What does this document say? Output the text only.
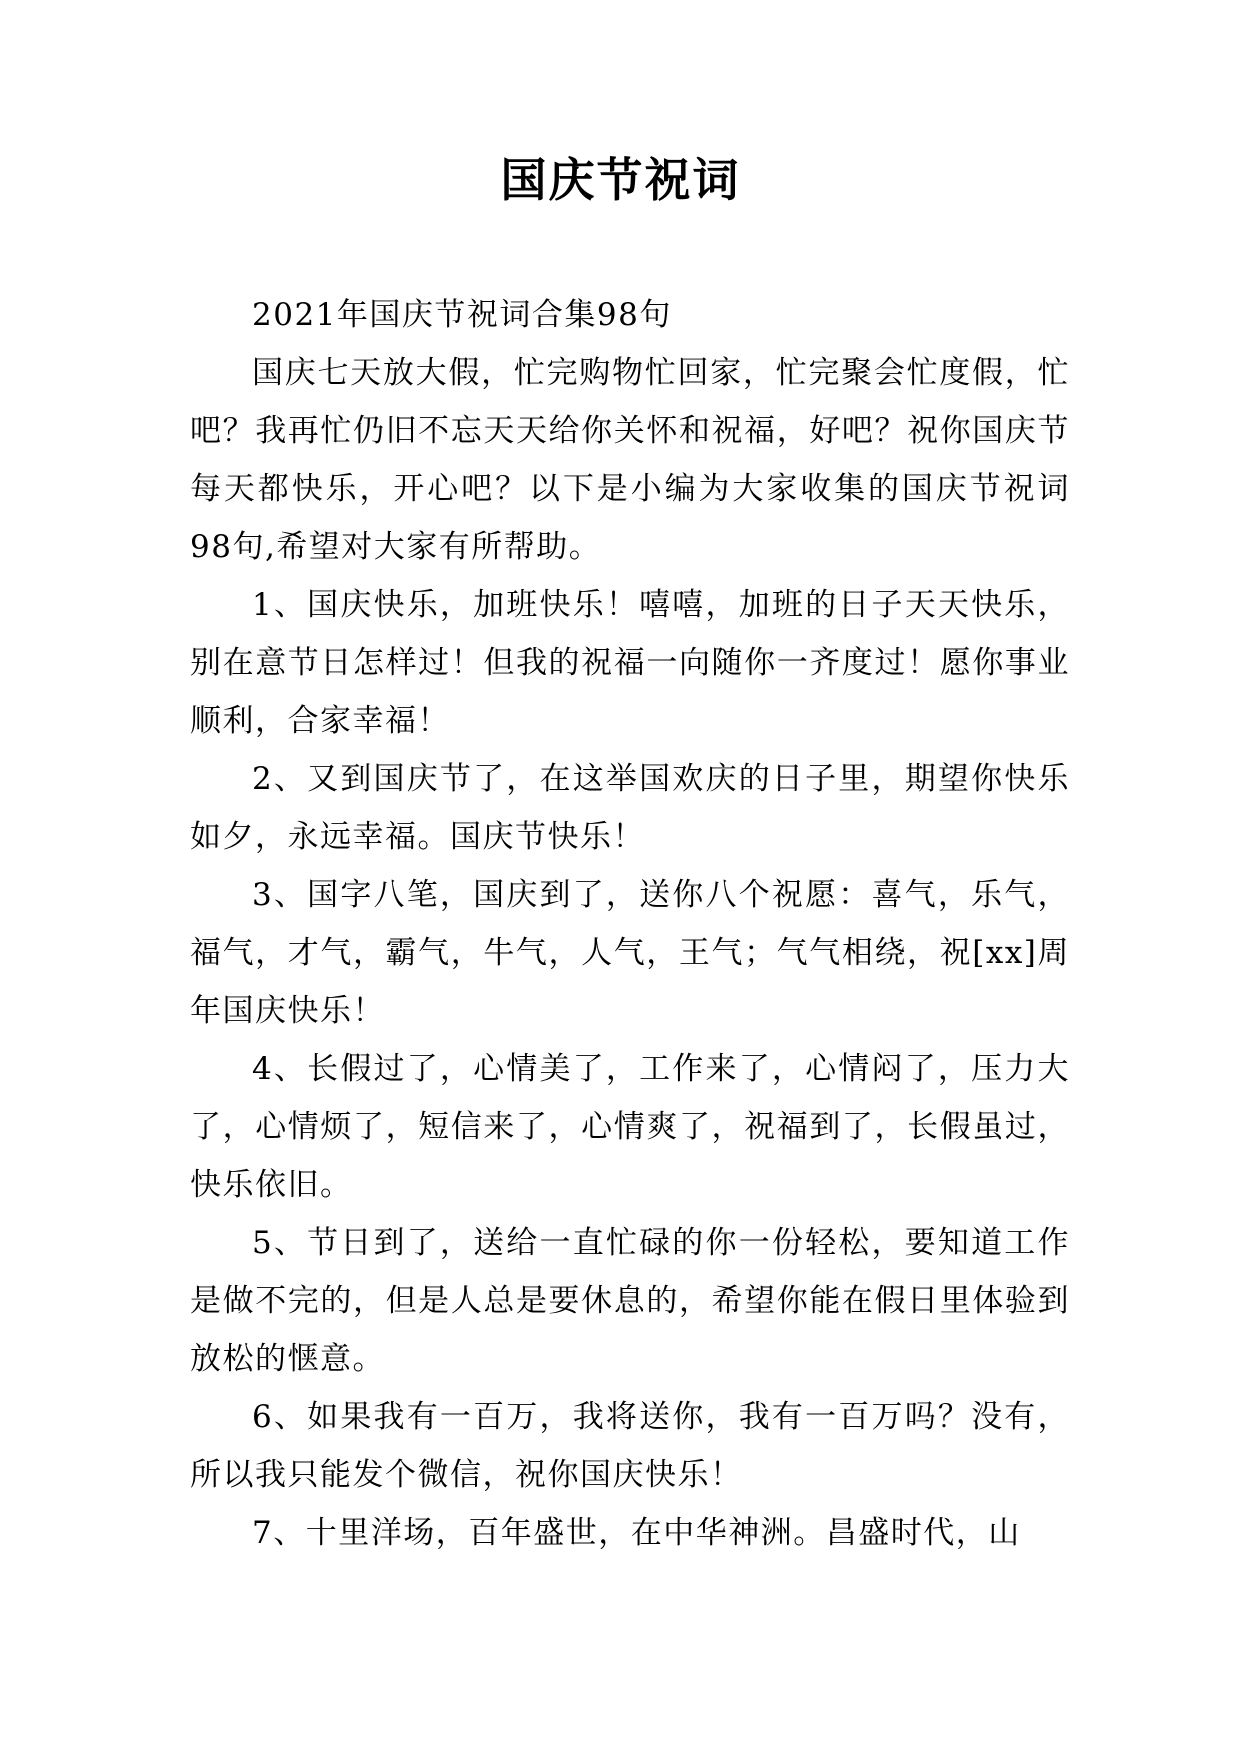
国庆节祝词

2021年国庆节祝词合集98句

国庆七天放大假，忙完购物忙回家，忙完聚会忙度假，忙吧？我再忙仍旧不忘天天给你关怀和祝福，好吧？祝你国庆节每天都快乐，开心吧？以下是小编为大家收集的国庆节祝词98句,希望对大家有所帮助。

1、国庆快乐，加班快乐！嘻嘻，加班的日子天天快乐，别在意节日怎样过！但我的祝福一向随你一齐度过！愿你事业顺利，合家幸福！

2、又到国庆节了，在这举国欢庆的日子里，期望你快乐如夕，永远幸福。国庆节快乐！

3、国字八笔，国庆到了，送你八个祝愿：喜气，乐气，福气，才气，霸气，牛气，人气，王气；气气相绕，祝[xx]周年国庆快乐！

4、长假过了，心情美了，工作来了，心情闷了，压力大了，心情烦了，短信来了，心情爽了，祝福到了，长假虽过，快乐依旧。

5、节日到了，送给一直忙碌的你一份轻松，要知道工作是做不完的，但是人总是要休息的，希望你能在假日里体验到放松的惬意。

6、如果我有一百万，我将送你，我有一百万吗？没有，所以我只能发个微信，祝你国庆快乐！

7、十里洋场，百年盛世，在中华神洲。昌盛时代，山
